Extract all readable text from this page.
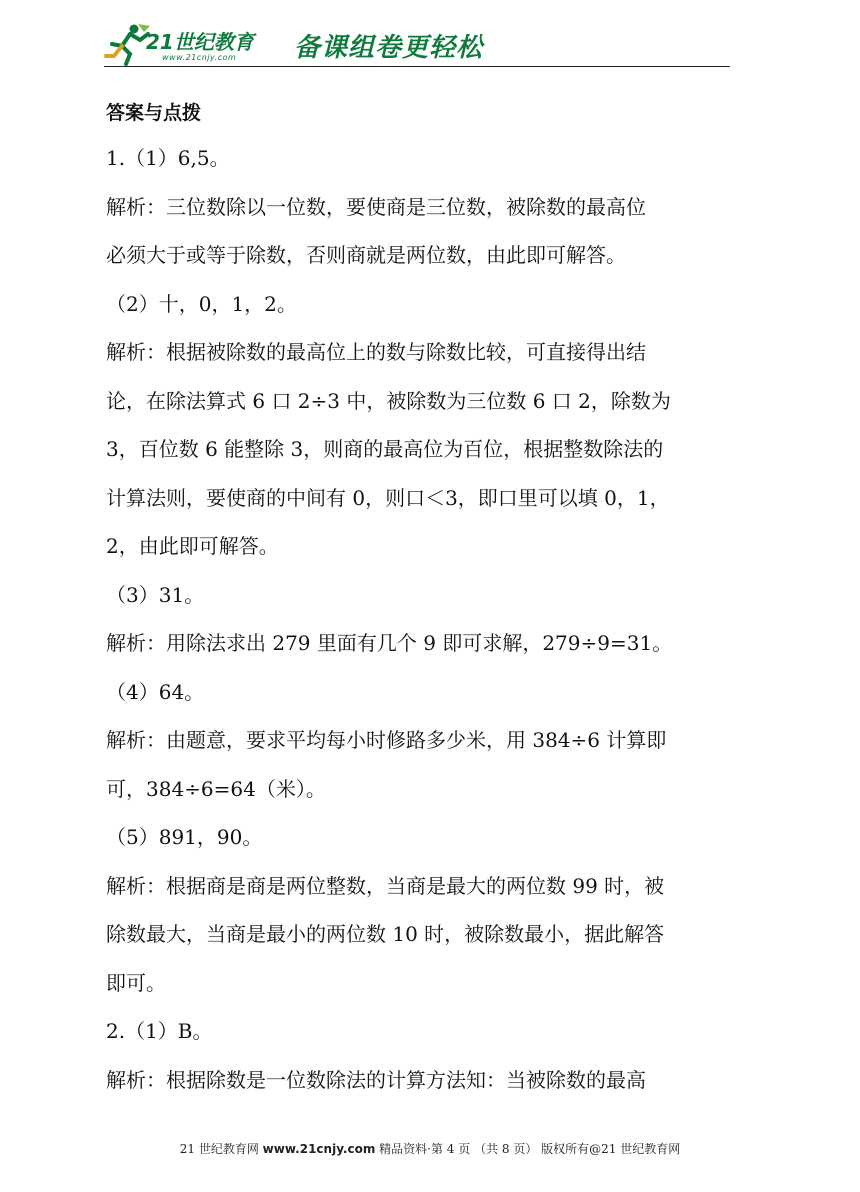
21世纪教育
www.21cnjy.com 备课组卷更轻松

答案与点拨

1.（1）6,5。

解析：三位数除以一位数，要使商是三位数，被除数的最高位

必须大于或等于除数，否则商就是两位数，由此即可解答。

（2）十，0，1，2。

解析：根据被除数的最高位上的数与除数比较，可直接得出结

论，在除法算式 6 口 2÷3 中，被除数为三位数 6 口 2，除数为

3，百位数 6 能整除 3，则商的最高位为百位，根据整数除法的

计算法则，要使商的中间有 0，则口＜3，即口里可以填 0，1，

2，由此即可解答。

（3）31。

解析：用除法求出 279 里面有几个 9 即可求解，279÷9=31。

（4）64。

解析：由题意，要求平均每小时修路多少米，用 384÷6 计算即

可，384÷6=64（米）。

（5）891，90。

解析：根据商是商是两位整数，当商是最大的两位数 99 时，被

除数最大，当商是最小的两位数 10 时，被除数最小，据此解答

即可。

2.（1）B。

解析：根据除数是一位数除法的计算方法知：当被除数的最高

21 世纪教育网 www.21cnjy.com 精品资料·第 4 页 （共 8 页） 版权所有@21 世纪教育网
